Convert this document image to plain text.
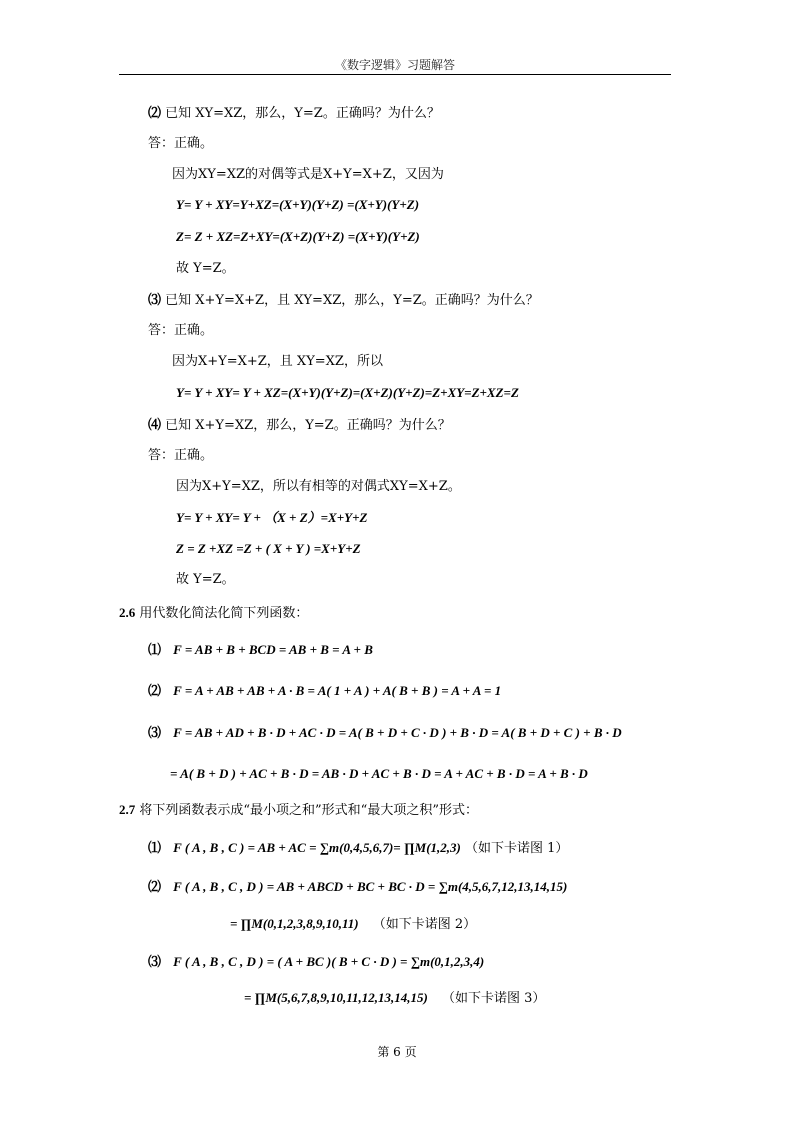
《数字逻辑》习题解答
⑵ 已知 XY=XZ，那么，Y=Z。正确吗？为什么？
答：正确。
因为XY=XZ的对偶等式是X+Y=X+Z，又因为
Y= Y + XY=Y+XZ=(X+Y)(Y+Z) =(X+Y)(Y+Z)
Z= Z + XZ=Z+XY=(X+Z)(Y+Z) =(X+Y)(Y+Z)
故 Y=Z。
⑶ 已知 X+Y=X+Z，且 XY=XZ，那么，Y=Z。正确吗？为什么？
答：正确。
因为X+Y=X+Z，且 XY=XZ，所以
Y= Y + XY= Y + XZ=(X+Y)(Y+Z)=(X+Z)(Y+Z)=Z+XY=Z+XZ=Z
⑷ 已知 X+Y=XZ，那么，Y=Z。正确吗？为什么？
答：正确。
因为X+Y=XZ，所以有相等的对偶式XY=X+Z。
Y= Y + XY= Y + （X + Z）=X+Y+Z
Z = Z +XZ =Z + ( X + Y ) =X+Y+Z
故 Y=Z。
2.6 用代数化简法化简下列函数：
⑴ F = AB + B + BCD = AB + B = A + B
⑵ F = A + AB + AB + A · B = A( 1 + A ) + A( B + B ) = A + A = 1
⑶ F = AB + AD + B · D + AC · D = A( B + D + C · D ) + B · D = A( B + D + C ) + B · D
= A( B + D ) + AC + B · D = AB · D + AC + B · D = A + AC + B · D = A + B · D
2.7 将下列函数表示成“最小项之和”形式和“最大项之积”形式：
⑴ F ( A , B , C ) = AB + AC = ∑m(0,4,5,6,7)= ∏M(1,2,3) （如下卡诺图 1）
⑵ F ( A , B , C , D ) = AB + ABCD + BC + BC · D = ∑m(4,5,6,7,12,13,14,15)
= ∏M(0,1,2,3,8,9,10,11) （如下卡诺图 2）
⑶ F ( A , B , C , D ) = ( A + BC )( B + C · D ) = ∑m(0,1,2,3,4)
= ∏M(5,6,7,8,9,10,11,12,13,14,15) （如下卡诺图 3）
第 6 页
